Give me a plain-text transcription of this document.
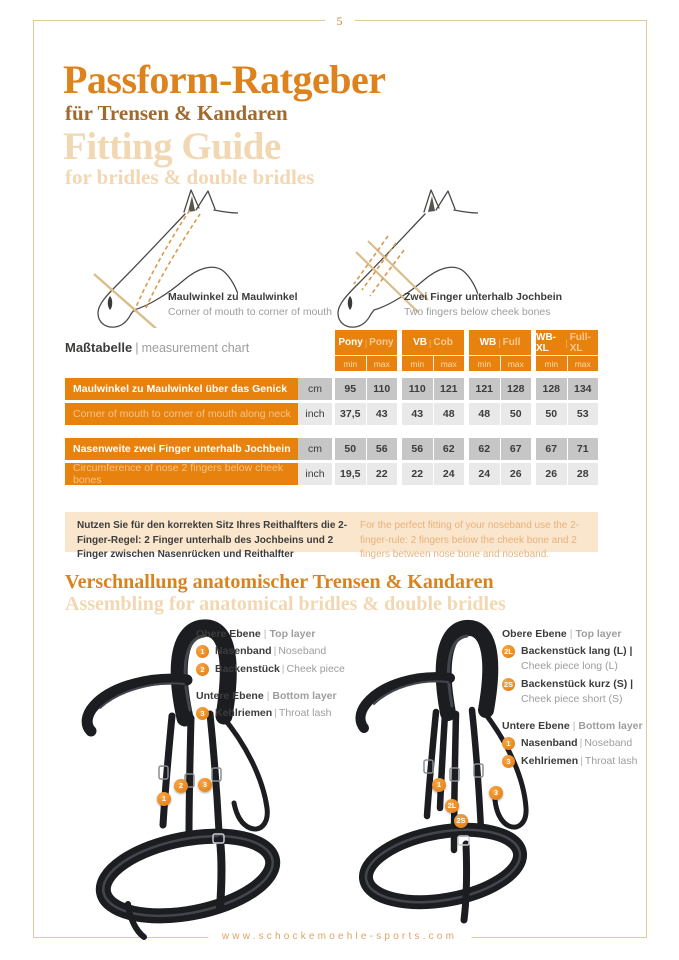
5
Passform-Ratgeber
für Trensen & Kandaren
Fitting Guide
for bridles & double bridles
Maulwinkel zu Maulwinkel
Corner of mouth to corner of mouth
Zwei Finger unterhalb Jochbein
Two fingers below cheek bones
Maßtabelle | measurement chart	Pony | Pony
min	max
VB | Cob
min	max
WB | Full
min	max
WB-XL	| Full-XL
min	max
Maulwinkel zu Maulwinkel über das Genick	cm	95	110	110	121	121	128	128	134
Corner of mouth to corner of mouth along neck	inch	37,5	43	43	48	48	50	50	53
Nasenweite zwei Finger unterhalb Jochbein	cm	50	56	56	62	62	67	67	71
Circumference of nose 2 fingers below cheek bones	inch	19,5	22	22	24	24	26	26	28
Nutzen Sie für den korrekten Sitz Ihres Reithalfters die 2-Finger-Regel: 2 Finger unterhalb des Jochbeins und 2 Finger zwischen Nasenrücken und Reithalfter
For the perfect fitting of your noseband use the 2-finger-rule: 2 fingers below the cheek bone and 2 fingers between nose bone and noseband.
Verschnallung anatomischer Trensen & Kandaren
Assembling for anatomical bridles & double bridles
1
2	3	1
2L
2S
3
Obere Ebene | Top layer
1 Nasenband | Noseband
2 Backenstück | Cheek piece
Untere Ebene | Bottom layer
3 Kehlriemen | Throat lash
Obere Ebene | Top layer
2L Backenstück lang (L) |
Cheek piece long (L)
2S Backenstück kurz (S) |
Cheek piece short (S)
Untere Ebene | Bottom layer
1 Nasenband | Noseband
3 Kehlriemen | Throat lash
www.schockemoehle-sports.com
